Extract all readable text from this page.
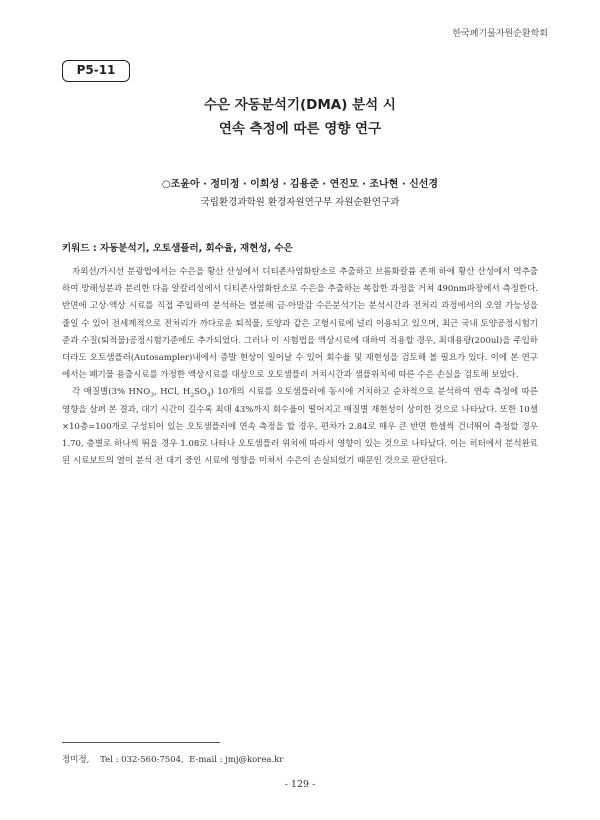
한국폐기물자원순환학회
P5-11
수은 자동분석기(DMA) 분석 시
연속 측정에 따른 영향 연구
○조윤아 · 정미정 · 이희성 · 김용준 · 연진모 · 조나현 · 신선경
국립환경과학원 환경자원연구부 자원순환연구과
키워드 : 자동분석기, 오토샘플러, 회수율, 재현성, 수은

자외선/가시선 분광법에서는 수은을 황산 산성에서 디티존사염화탄소로 추출하고 브롬화칼륨 존재 하에 황산 산성에서 역추출하여 방해성분과 분리한 다음 알칼리성에서 디티존사염화탄소로 수은을 추출하는 복잡한 과정을 거쳐 490nm파장에서 측정한다. 반면에 고상·액상 시료를 직접 주입하여 분석하는 열분해 금-아말감 수은분석기는 분석시간과 전처리 과정에서의 오염 가능성을 줄일 수 있어 전세계적으로 전처리가 까다로운 퇴적물, 토양과 같은 고형시료에 널리 이용되고 있으며, 최근 국내 토양공정시험기준과 수질(퇴적물)공정시험기준에도 추가되었다. 그러나 이 시험법을 액상시료에 대하여 적용할 경우, 최대용량(200ul)을 주입하더라도 오토샘플러(Autosampler)내에서 증발 현상이 일어날 수 있어 회수율 및 재현성을 검토해 볼 필요가 있다. 이에 본 연구에서는 폐기물 용출시료를 가정한 액상시료를 대상으로 오토샘플러 거치시간과 샘플위치에 따른 수은 손실을 검토해 보았다.

각 매질별(3% $HNO_3$, HCl, $H_2SO_4$) 10개의 시료를 오토샘플러에 동시에 거치하고 순차적으로 분석하여 연속 측정에 따른 영향을 살펴 본 결과, 대기 시간이 길수록 최대 43%까지 회수율이 떨어지고 매질별 재현성이 상이한 것으로 나타났다. 또한 10셀×10층=100개로 구성되어 있는 오토샘플러에 연속 측정을 할 경우, 편차가 2.84로 매우 큰 반면 한셀씩 건너뛰어 측정할 경우 1.70, 층별로 하나씩 뛰을 경우 1.08로 나타나 오토샘플러 위치에 따라서 영향이 있는 것으로 나타났다. 이는 히터에서 분석완료된 시료보트의 열이 분석 전 대기 중인 시료에 영향을 미쳐서 수은이 손실되었기 때문인 것으로 판단된다.

정미정,    Tel : 032-560-7504,  E-mail : jmj@korea.kr
- 129 -
